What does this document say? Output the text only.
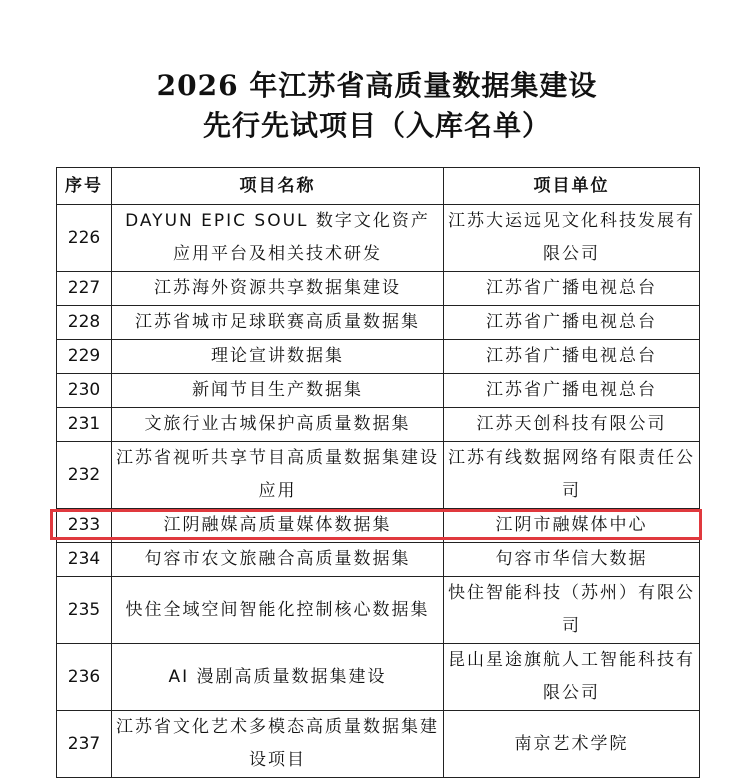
2026 年江苏省高质量数据集建设
先行先试项目（入库名单）
序号	项目名称	项目单位
226	DAYUN EPIC SOUL 数字文化资产应用平台及相关技术研发	江苏大运远见文化科技发展有限公司
227	江苏海外资源共享数据集建设	江苏省广播电视总台
228	江苏省城市足球联赛高质量数据集	江苏省广播电视总台
229	理论宣讲数据集	江苏省广播电视总台
230	新闻节目生产数据集	江苏省广播电视总台
231	文旅行业古城保护高质量数据集	江苏天创科技有限公司
232	江苏省视听共享节目高质量数据集建设应用	江苏有线数据网络有限责任公司
233	江阴融媒高质量媒体数据集	江阴市融媒体中心
234	句容市农文旅融合高质量数据集	句容市华信大数据
235	快住全域空间智能化控制核心数据集	快住智能科技（苏州）有限公司
236	AI 漫剧高质量数据集建设	昆山星途旗航人工智能科技有限公司
237	江苏省文化艺术多模态高质量数据集建设项目	南京艺术学院
